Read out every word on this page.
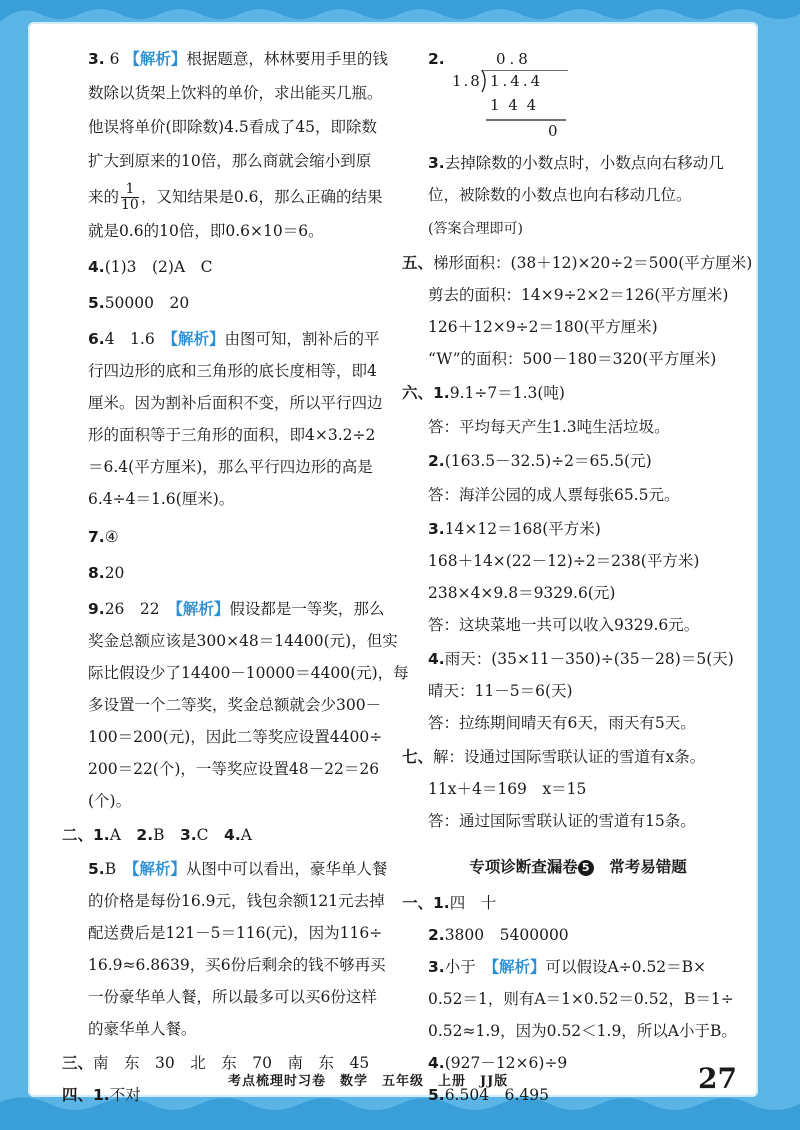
3. 6 【解析】根据题意，林林要用手里的钱
数除以货架上饮料的单价，求出能买几瓶。
他误将单价(即除数)4.5看成了45，即除数
扩大到原来的10倍，那么商就会缩小到原
来的 $\frac{1}{10}$ ，又知结果是0.6，那么正确的结果
就是0.6的10倍，即0.6×10＝6。
4.(1)3　(2)A　C
5.50000　20
6.4　1.6　【解析】由图可知，割补后的平
行四边形的底和三角形的底长度相等，即4
厘米。因为割补后面积不变，所以平行四边
形的面积等于三角形的面积，即4×3.2÷2
＝6.4(平方厘米)，那么平行四边形的高是
6.4÷4＝1.6(厘米)。
7.④
8.20
9.26　22　【解析】假设都是一等奖，那么
奖金总额应该是300×48＝14400(元)，但实
际比假设少了14400－10000＝4400(元)，每
多设置一个二等奖，奖金总额就会少300－
100＝200(元)，因此二等奖应设置4400÷
200＝22(个)，一等奖应设置48－22＝26
(个)。
二、1.A　2.B　3.C　4.A
5.B　【解析】从图中可以看出，豪华单人餐
的价格是每份16.9元，钱包余额121元去掉
配送费后是121－5＝116(元)，因为116÷
16.9≈6.8639，买6份后剩余的钱不够再买
一份豪华单人餐，所以最多可以买6份这样
的豪华单人餐。
三、南　东　30　北　东　70　南　东　45
四、1.不对
2.	0.8
1.8 1.4.4
1 4 4
0
3.去掉除数的小数点时，小数点向右移动几
位，被除数的小数点也向右移动几位。
(答案合理即可)
五、梯形面积：(38＋12)×20÷2＝500(平方厘米)
剪去的面积：14×9÷2×2＝126(平方厘米)
126＋12×9÷2＝180(平方厘米)
“W”的面积：500－180＝320(平方厘米)
六、1.9.1÷7＝1.3(吨)
答：平均每天产生1.3吨生活垃圾。
2.(163.5－32.5)÷2＝65.5(元)
答：海洋公园的成人票每张65.5元。
3.14×12＝168(平方米)
168＋14×(22－12)÷2＝238(平方米)
238×4×9.8＝9329.6(元)
答：这块菜地一共可以收入9329.6元。
4.雨天：(35×11－350)÷(35－28)＝5(天)
晴天：11－5＝6(天)
答：拉练期间晴天有6天，雨天有5天。
七、解：设通过国际雪联认证的雪道有x条。
11x＋4＝169　x＝15
答：通过国际雪联认证的雪道有15条。
专项诊断查漏卷 5　常考易错题
一、1.四　十
2.3800　5400000
3.小于　【解析】可以假设A÷0.52＝B×
0.52＝1，则有A＝1×0.52＝0.52，B＝1÷
0.52≈1.9，因为0.52＜1.9，所以A小于B。
4.(927－12×6)÷9
5.6.504　6.495
考点梳理时习卷　数学　五年级　上册　JJ版	27
